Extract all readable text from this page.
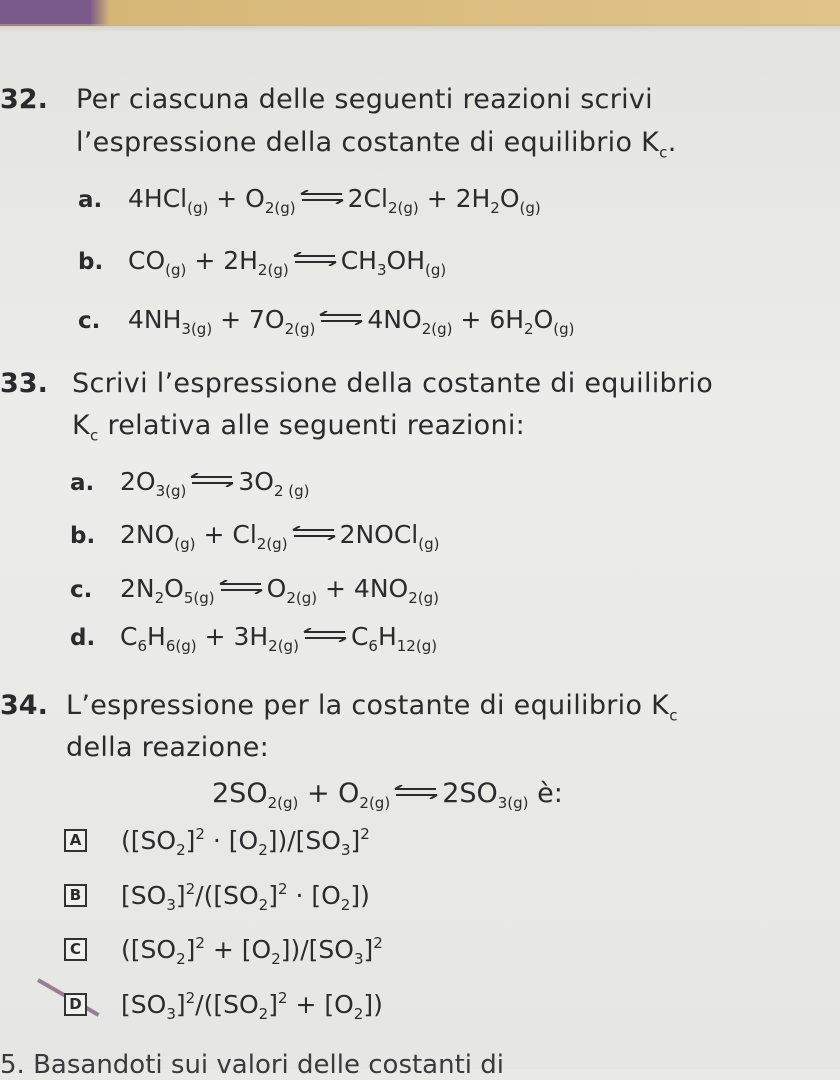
32. Per ciascuna delle seguenti reazioni scrivi
l’espressione della costante di equilibrio $K_c$.
a.	$4HCl_{(g)} + O_{2(g)}$ ⇌ $2Cl_{2(g)} + 2H_2O_{(g)}$
b. $CO_{(g)} + 2H_{2(g)}$ ⇌ $CH_3OH_{(g)}$
c.	$4NH_{3(g)} + 7O_{2(g)}$ ⇌ $4NO_{2(g)} + 6H_2O_{(g)}$
33. Scrivi l’espressione della costante di equilibrio
$K_c$ relativa alle seguenti reazioni:
a.	$2O_{3(g)}$ ⇌ $3O_{2 (g)}$
b. $2NO_{(g)} + Cl_{2(g)}$ ⇌ 2NOCl$_{(g)}$
c.	$2N_2O_{5(g)}$ ⇌ $O_{2(g)} + 4NO_{2(g)}$
d. $C_6H_{6(g)} + 3H_{2(g)}$ ⇌ $C_6H_{12(g)}$
34. L’espressione per la costante di equilibrio $K_c$
della reazione:
$2SO_{2(g)} + O_{2(g)}$ ⇌ $2SO_{3(g)}$ è:
A $([SO_2]^2 \cdot [O_2])/[SO_3]^2$
B $[SO_3]^2/([SO_2]^2 \cdot [O_2])$
C $([SO_2]^2 + [O_2])/[SO_3]^2$
D $[SO_3]^2/([SO_2]^2 + [O_2])$
5. Basandoti sui valori delle costanti di
